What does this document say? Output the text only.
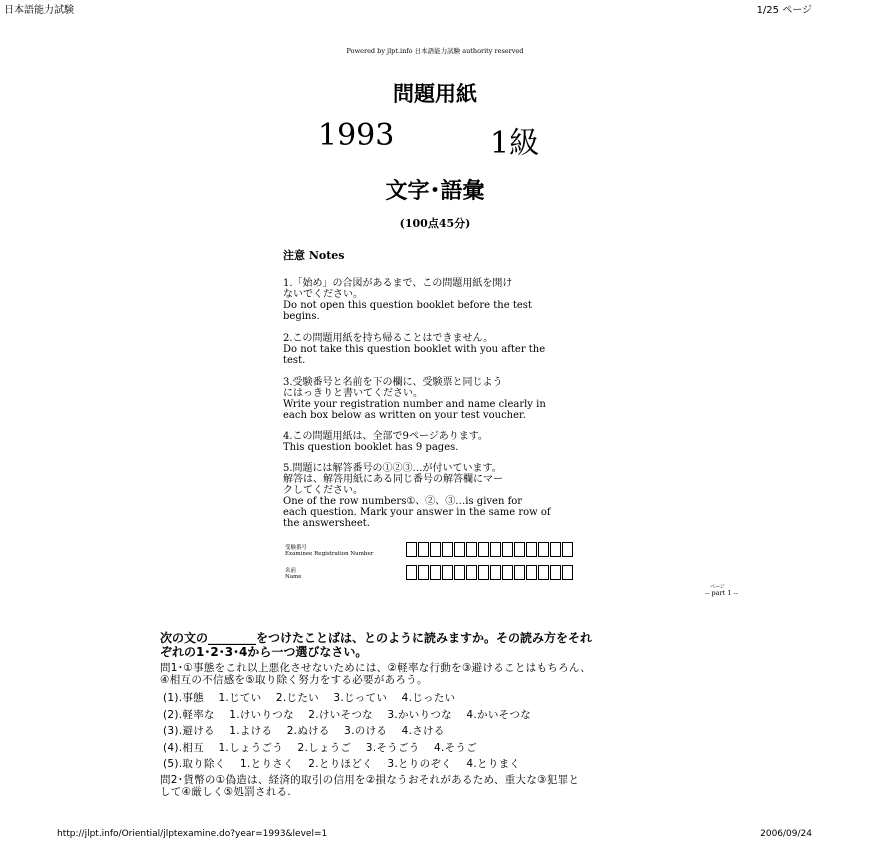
日本語能力試験	1/25 ページ
Powered by jlpt.info 日本語能力試験 authority reserved
問題用紙
1993	1級
文字･語彙
(100点45分)
注意 Notes
1.「始め」の合図があるまで、この問題用紙を開け
ないでください。
Do not open this question booklet before the test
begins.
2.この問題用紙を持ち帰ることはできません。
Do not take this question booklet with you after the
test.
3.受験番号と名前を下の欄に、受験票と同じよう
にはっきりと書いてください。
Write your registration number and name clearly in
each box below as written on your test voucher.
4.この問題用紙は、全部で9ページあります。
This question booklet has 9 pages.
5.問題には解答番号の①②③…が付いています。
解答は、解答用紙にある同じ番号の解答欄にマー
クしてください。
One of the row numbers①、②、③…is given for
each question. Mark your answer in the same row of
the answersheet.
受験番号
Examinee Registration Number
名前
Name
ページ
-- part 1 --
次の文の________をつけたことばは、とのように読みますか。その読み方をそれ
ぞれの1･2･3･4から一つ選びなさい。
問1･①事態をこれ以上悪化させないためには、②軽率な行動を③避けることはもちろん、
④相互の不信感を⑤取り除く努力をする必要があろう。
(1).事態　 1.じてい　 2.じたい　 3.じってい　 4.じったい
(2).軽率な　 1.けいりつな　 2.けいそつな　 3.かいりつな　 4.かいそつな
(3).避ける　 1.よける　 2.ぬける　 3.のける　 4.さける
(4).相互　 1.しょうごう　 2.しょうご　 3.そうごう　 4.そうご
(5).取り除く　 1.とりさく　 2.とりほどく　 3.とりのぞく　 4.とりまく
問2･貨幣の①偽造は、経済的取引の信用を②損なうおそれがあるため、重大な③犯罪と
して④厳しく⑤処罰される.
http://jlpt.info/Oriential/jlptexamine.do?year=1993&level=1	2006/09/24
